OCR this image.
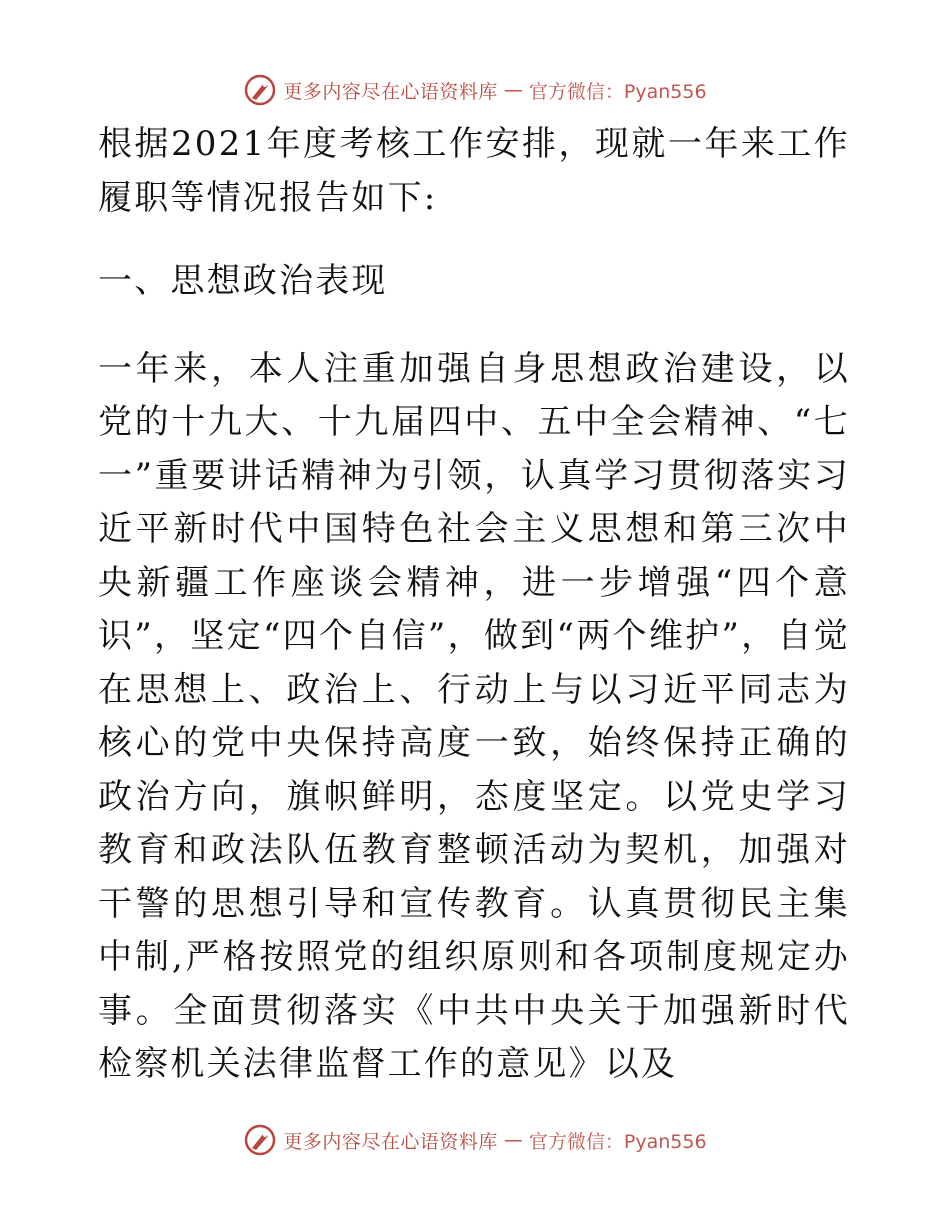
更多内容尽在心语资料库 — 官方微信：Pyan556

根据2021年度考核工作安排，现就一年来工作履职等情况报告如下:

一、思想政治表现

一年来，本人注重加强自身思想政治建设，以党的十九大、十九届四中、五中全会精神、“七一”重要讲话精神为引领，认真学习贯彻落实习近平新时代中国特色社会主义思想和第三次中央新疆工作座谈会精神，进一步增强“四个意识”，坚定“四个自信”，做到“两个维护”，自觉在思想上、政治上、行动上与以习近平同志为核心的党中央保持高度一致，始终保持正确的政治方向，旗帜鲜明，态度坚定。以党史学习教育和政法队伍教育整顿活动为契机，加强对干警的思想引导和宣传教育。认真贯彻民主集中制,严格按照党的组织原则和各项制度规定办事。全面贯彻落实《中共中央关于加强新时代检察机关法律监督工作的意见》以及

更多内容尽在心语资料库 — 官方微信：Pyan556
